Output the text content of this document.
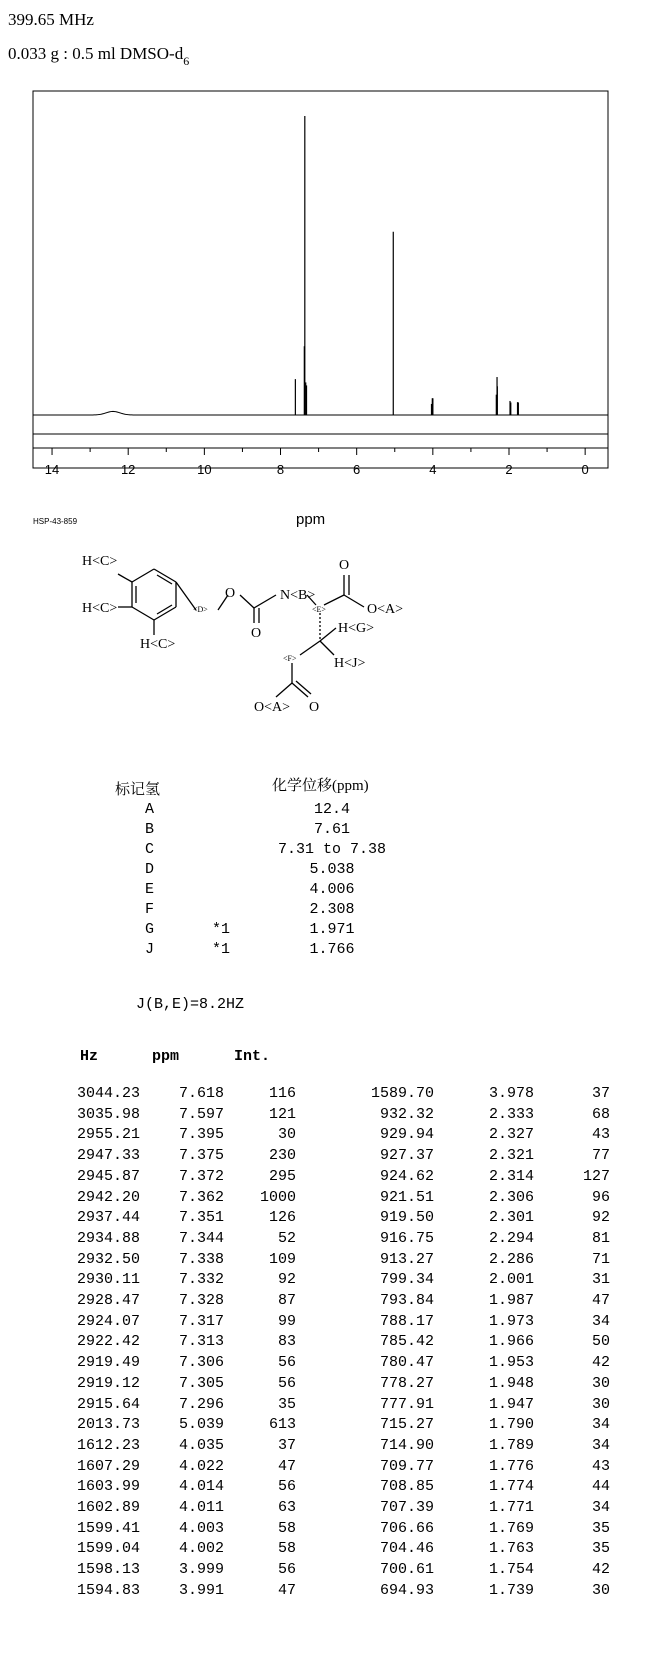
399.65 MHz
0.033 g : 0.5 ml DMSO-$d_6$
14	12	10	8	6	4	2	0
HSP-43-859	ppm
H<C>
H<C>
H<C>
<D>
O
O
N<B>
<E>
O
O<A>
H<G>
H<J>
<F>
O<A> O
标记氢	化学位移(ppm)
A	12.4
B	7.61
C	7.31 to 7.38
D	5.038
E	4.006
F	2.308
G	*1	1.971
J	*1	1.766
J(B,E)=8.2HZ
Hz	ppm	Int.
3044.23	7.618	116	1589.70	3.978	37
3035.98	7.597	121	932.32	2.333	68
2955.21	7.395	30	929.94	2.327	43
2947.33	7.375	230	927.37	2.321	77
2945.87	7.372	295	924.62	2.314	127
2942.20	7.362	1000	921.51	2.306	96
2937.44	7.351	126	919.50	2.301	92
2934.88	7.344	52	916.75	2.294	81
2932.50	7.338	109	913.27	2.286	71
2930.11	7.332	92	799.34	2.001	31
2928.47	7.328	87	793.84	1.987	47
2924.07	7.317	99	788.17	1.973	34
2922.42	7.313	83	785.42	1.966	50
2919.49	7.306	56	780.47	1.953	42
2919.12	7.305	56	778.27	1.948	30
2915.64	7.296	35	777.91	1.947	30
2013.73	5.039	613	715.27	1.790	34
1612.23	4.035	37	714.90	1.789	34
1607.29	4.022	47	709.77	1.776	43
1603.99	4.014	56	708.85	1.774	44
1602.89	4.011	63	707.39	1.771	34
1599.41	4.003	58	706.66	1.769	35
1599.04	4.002	58	704.46	1.763	35
1598.13	3.999	56	700.61	1.754	42
1594.83	3.991	47	694.93	1.739	30
